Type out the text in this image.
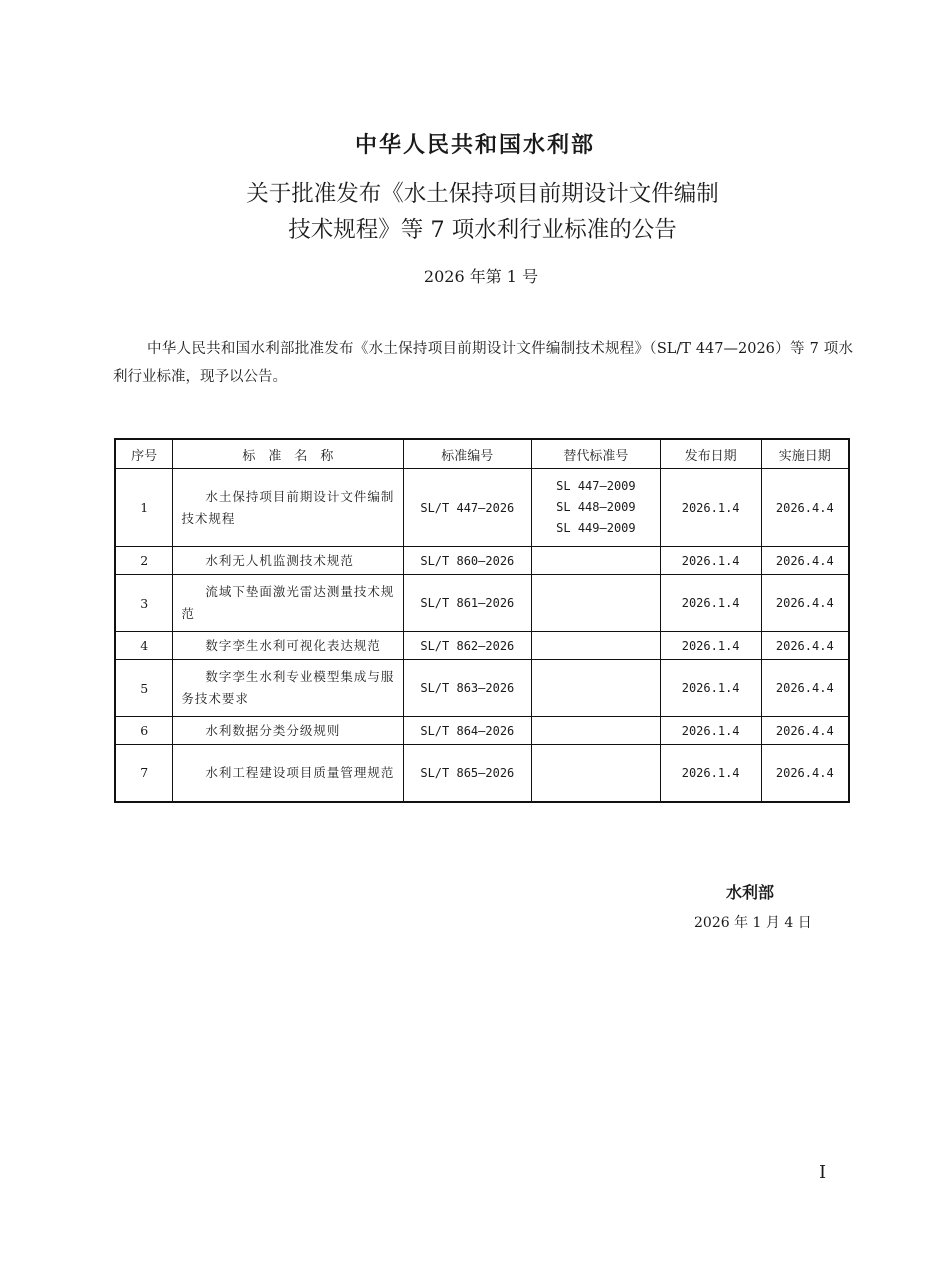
中华人民共和国水利部
关于批准发布《水土保持项目前期设计文件编制
技术规程》等 7 项水利行业标准的公告
2026 年第 1 号
中华人民共和国水利部批准发布《水土保持项目前期设计文件编制技术规程》（SL/T 447—2026）等 7 项水利行业标准，现予以公告。
序号	标　准　名　称	标准编号	替代标准号	发布日期	实施日期
1	水土保持项目前期设计文件编制技术规程	SL/T 447—2026	SL 447—2009
SL 448—2009
SL 449—2009	2026.1.4	2026.4.4
2	水利无人机监测技术规范	SL/T 860—2026		2026.1.4	2026.4.4
3	流域下垫面激光雷达测量技术规范	SL/T 861—2026		2026.1.4	2026.4.4
4	数字孪生水利可视化表达规范	SL/T 862—2026		2026.1.4	2026.4.4
5	数字孪生水利专业模型集成与服务技术要求	SL/T 863—2026		2026.1.4	2026.4.4
6	水利数据分类分级规则	SL/T 864—2026		2026.1.4	2026.4.4
7	水利工程建设项目质量管理规范	SL/T 865—2026		2026.1.4	2026.4.4
水利部
2026 年 1 月 4 日
I
